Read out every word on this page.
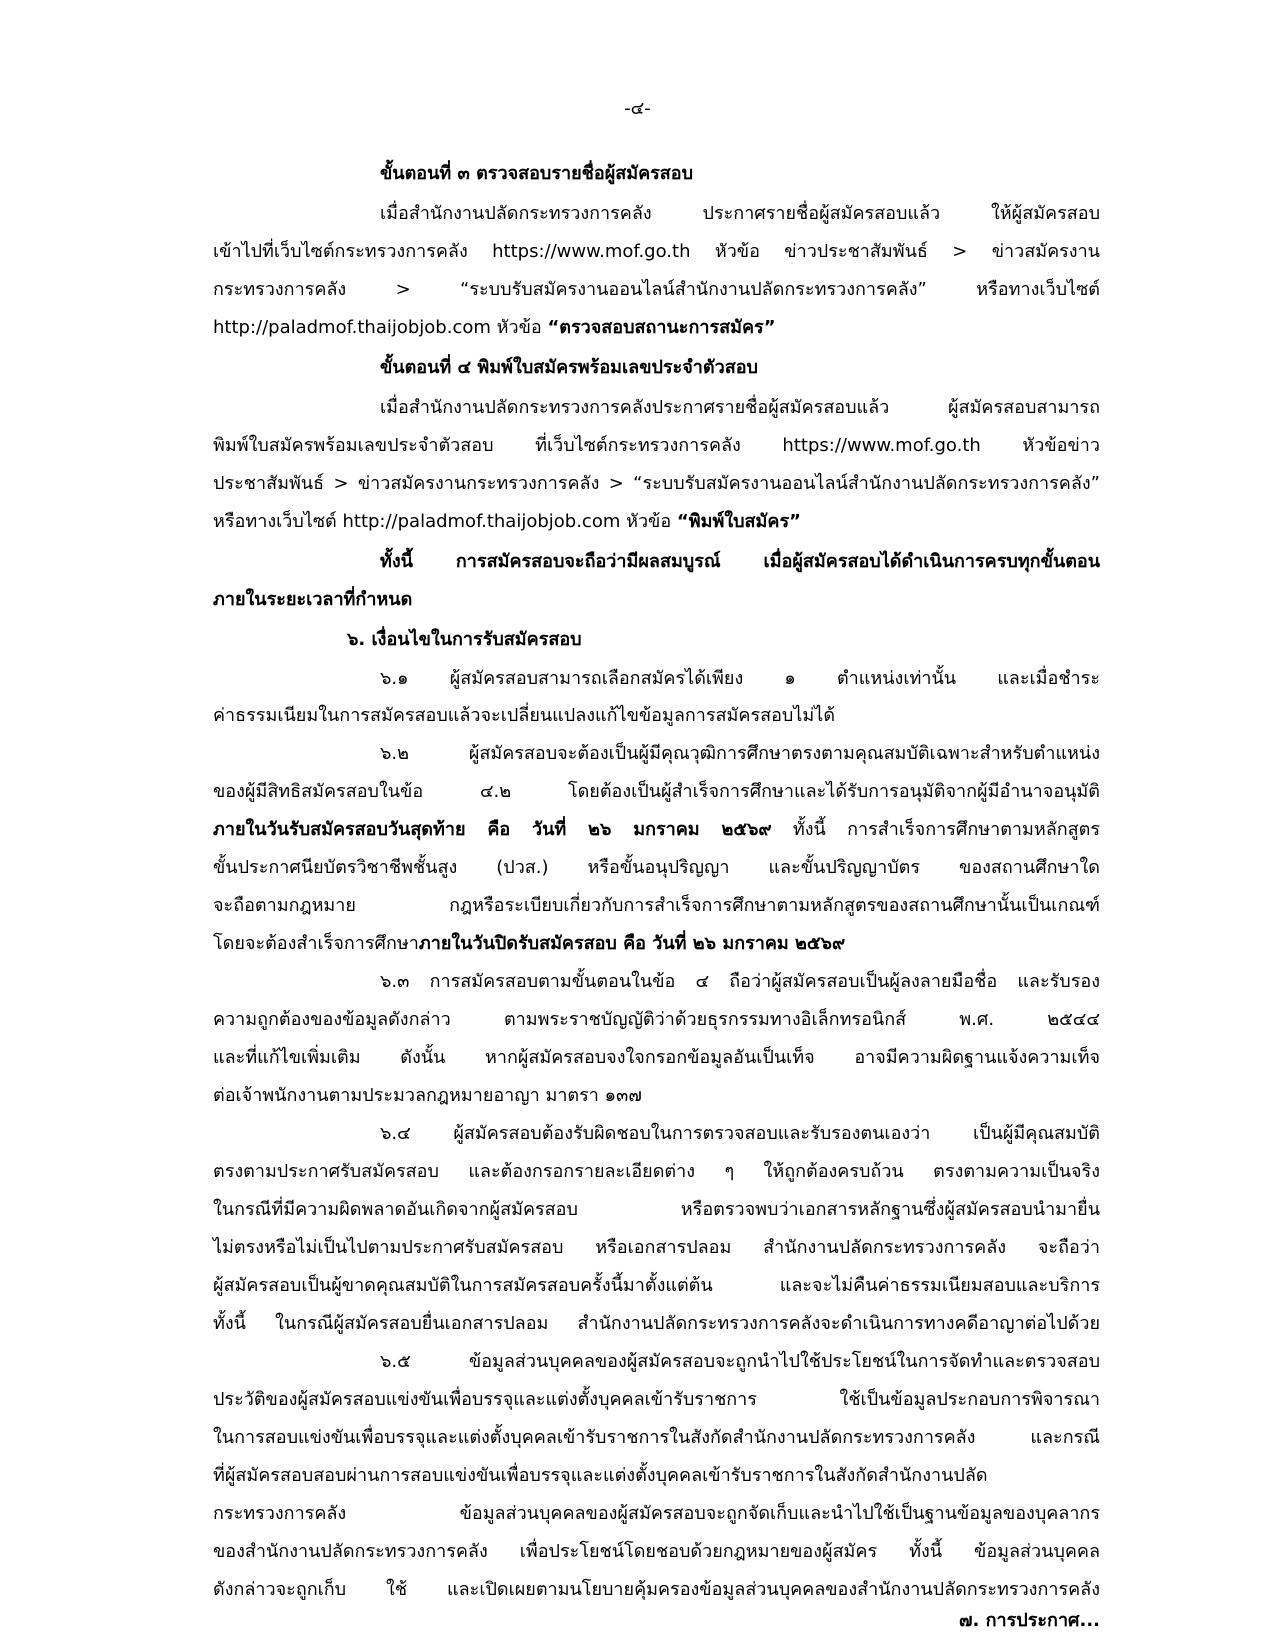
-๔-

ขั้นตอนที่ ๓ ตรวจสอบรายชื่อผู้สมัครสอบ

เมื่อสำนักงานปลัดกระทรวงการคลัง ประกาศรายชื่อผู้สมัครสอบแล้ว ให้ผู้สมัครสอบ

เข้าไปที่เว็บไซต์กระทรวงการคลัง https://www.mof.go.th หัวข้อ ข่าวประชาสัมพันธ์ > ข่าวสมัครงาน

กระทรวงการคลัง > “ระบบรับสมัครงานออนไลน์สำนักงานปลัดกระทรวงการคลัง” หรือทางเว็บไซต์

http://paladmof.thaijobjob.com หัวข้อ “ตรวจสอบสถานะการสมัคร”

ขั้นตอนที่ ๔ พิมพ์ใบสมัครพร้อมเลขประจำตัวสอบ

เมื่อสำนักงานปลัดกระทรวงการคลังประกาศรายชื่อผู้สมัครสอบแล้ว ผู้สมัครสอบสามารถ

พิมพ์ใบสมัครพร้อมเลขประจำตัวสอบ ที่เว็บไซต์กระทรวงการคลัง https://www.mof.go.th หัวข้อข่าว

ประชาสัมพันธ์ > ข่าวสมัครงานกระทรวงการคลัง > “ระบบรับสมัครงานออนไลน์สำนักงานปลัดกระทรวงการคลัง”

หรือทางเว็บไซต์ http://paladmof.thaijobjob.com หัวข้อ “พิมพ์ใบสมัคร”

ทั้งนี้ การสมัครสอบจะถือว่ามีผลสมบูรณ์ เมื่อผู้สมัครสอบได้ดำเนินการครบทุกขั้นตอน

ภายในระยะเวลาที่กำหนด

๖. เงื่อนไขในการรับสมัครสอบ

๖.๑ ผู้สมัครสอบสามารถเลือกสมัครได้เพียง ๑ ตำแหน่งเท่านั้น และเมื่อชำระ

ค่าธรรมเนียมในการสมัครสอบแล้วจะเปลี่ยนแปลงแก้ไขข้อมูลการสมัครสอบไม่ได้

๖.๒ ผู้สมัครสอบจะต้องเป็นผู้มีคุณวุฒิการศึกษาตรงตามคุณสมบัติเฉพาะสำหรับตำแหน่ง

ของผู้มีสิทธิสมัครสอบในข้อ ๔.๒ โดยต้องเป็นผู้สำเร็จการศึกษาและได้รับการอนุมัติจากผู้มีอำนาจอนุมัติ

ภายในวันรับสมัครสอบวันสุดท้าย คือ วันที่ ๒๖ มกราคม ๒๕๖๙ ทั้งนี้ การสำเร็จการศึกษาตามหลักสูตร

ขั้นประกาศนียบัตรวิชาชีพชั้นสูง (ปวส.) หรือขั้นอนุปริญญา และขั้นปริญญาบัตร ของสถานศึกษาใด

จะถือตามกฎหมาย กฎหรือระเบียบเกี่ยวกับการสำเร็จการศึกษาตามหลักสูตรของสถานศึกษานั้นเป็นเกณฑ์

โดยจะต้องสำเร็จการศึกษาภายในวันปิดรับสมัครสอบ คือ วันที่ ๒๖ มกราคม ๒๕๖๙

๖.๓ การสมัครสอบตามขั้นตอนในข้อ ๔ ถือว่าผู้สมัครสอบเป็นผู้ลงลายมือชื่อ และรับรอง

ความถูกต้องของข้อมูลดังกล่าว ตามพระราชบัญญัติว่าด้วยธุรกรรมทางอิเล็กทรอนิกส์ พ.ศ. ๒๕๔๔

และที่แก้ไขเพิ่มเติม ดังนั้น หากผู้สมัครสอบจงใจกรอกข้อมูลอันเป็นเท็จ อาจมีความผิดฐานแจ้งความเท็จ

ต่อเจ้าพนักงานตามประมวลกฎหมายอาญา มาตรา ๑๓๗

๖.๔ ผู้สมัครสอบต้องรับผิดชอบในการตรวจสอบและรับรองตนเองว่า เป็นผู้มีคุณสมบัติ

ตรงตามประกาศรับสมัครสอบ และต้องกรอกรายละเอียดต่าง ๆ ให้ถูกต้องครบถ้วน ตรงตามความเป็นจริง

ในกรณีที่มีความผิดพลาดอันเกิดจากผู้สมัครสอบ หรือตรวจพบว่าเอกสารหลักฐานซึ่งผู้สมัครสอบนำมายื่น

ไม่ตรงหรือไม่เป็นไปตามประกาศรับสมัครสอบ หรือเอกสารปลอม สำนักงานปลัดกระทรวงการคลัง จะถือว่า

ผู้สมัครสอบเป็นผู้ขาดคุณสมบัติในการสมัครสอบครั้งนี้มาตั้งแต่ต้น และจะไม่คืนค่าธรรมเนียมสอบและบริการ

ทั้งนี้ ในกรณีผู้สมัครสอบยื่นเอกสารปลอม สำนักงานปลัดกระทรวงการคลังจะดำเนินการทางคดีอาญาต่อไปด้วย

๖.๕ ข้อมูลส่วนบุคคลของผู้สมัครสอบจะถูกนำไปใช้ประโยชน์ในการจัดทำและตรวจสอบ

ประวัติของผู้สมัครสอบแข่งขันเพื่อบรรจุและแต่งตั้งบุคคลเข้ารับราชการ ใช้เป็นข้อมูลประกอบการพิจารณา

ในการสอบแข่งขันเพื่อบรรจุและแต่งตั้งบุคคลเข้ารับราชการในสังกัดสำนักงานปลัดกระทรวงการคลัง และกรณี

ที่ผู้สมัครสอบสอบผ่านการสอบแข่งขันเพื่อบรรจุและแต่งตั้งบุคคลเข้ารับราชการในสังกัดสำนักงานปลัด

กระทรวงการคลัง ข้อมูลส่วนบุคคลของผู้สมัครสอบจะถูกจัดเก็บและนำไปใช้เป็นฐานข้อมูลของบุคลากร

ของสำนักงานปลัดกระทรวงการคลัง เพื่อประโยชน์โดยชอบด้วยกฎหมายของผู้สมัคร ทั้งนี้ ข้อมูลส่วนบุคคล

ดังกล่าวจะถูกเก็บ ใช้ และเปิดเผยตามนโยบายคุ้มครองข้อมูลส่วนบุคคลของสำนักงานปลัดกระทรวงการคลัง

๗. การประกาศ...
